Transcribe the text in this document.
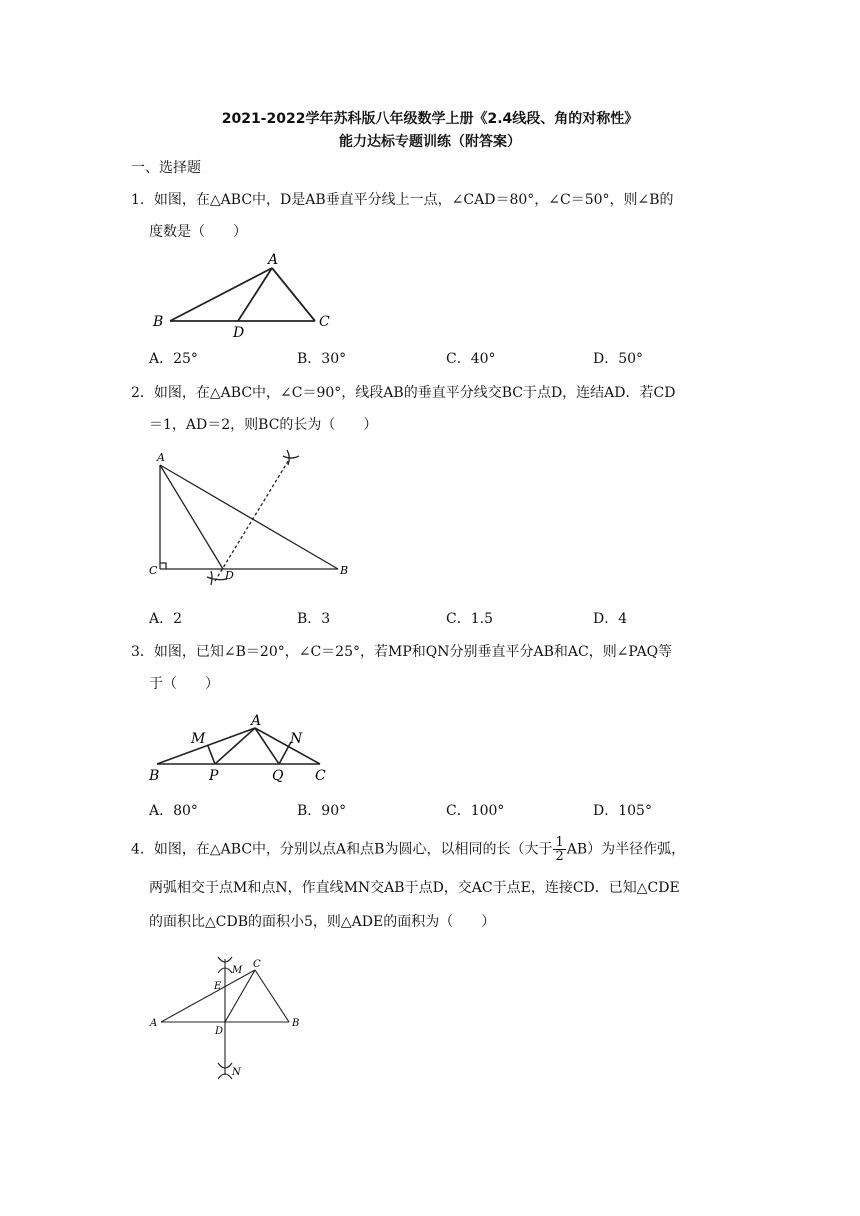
2021-2022学年苏科版八年级数学上册《2.4线段、角的对称性》
能力达标专题训练（附答案）
一、选择题
1．如图，在△ABC中，D是AB垂直平分线上一点，∠CAD＝80°，∠C＝50°，则∠B的
度数是（　　）
A
B	C
D
A．25°	B．30°	C．40°	D．50°
2．如图，在△ABC中，∠C＝90°，线段AB的垂直平分线交BC于点D，连结AD．若CD
＝1，AD＝2，则BC的长为（　　）
A
B
C	D
A．2	B．3	C．1.5	D．4
3．如图，已知∠B＝20°，∠C＝25°，若MP和QN分别垂直平分AB和AC，则∠PAQ等
于（　　）
A
B	C
M	N
P	Q
A．80°	B．90°	C．100°	D．105°
4．如图，在△ABC中，分别以点A和点B为圆心，以相同的长（大于 $\frac{1}{2} AB$）为半径作弧，
两弧相交于点M和点N，作直线MN交AB于点D，交AC于点E，连接CD．已知△CDE
的面积比△CDB的面积小5，则△ADE的面积为（　　）
A	B
C
D
E
M
N
